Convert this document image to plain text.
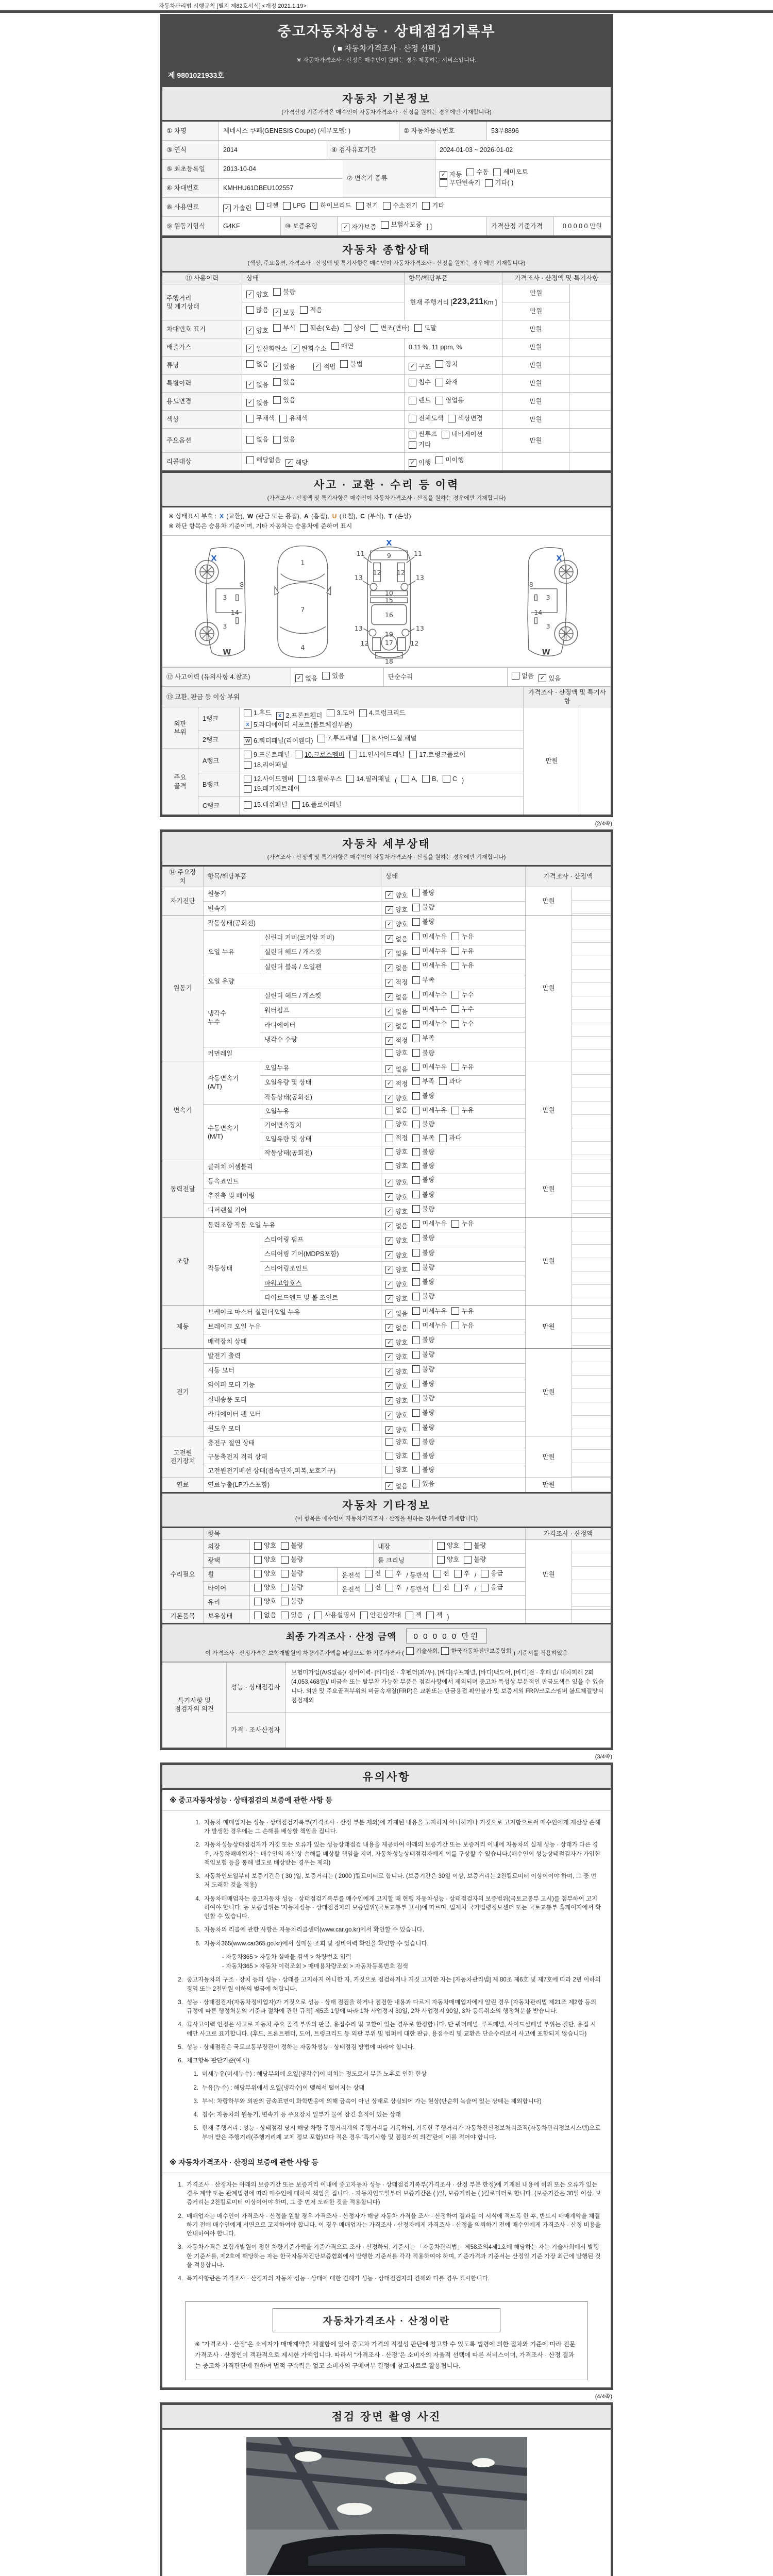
자동차관리법 시행규칙 [별지 제82호서식] <개정 2021.1.19>
중고자동차성능 · 상태점검기록부
( ■ 자동차가격조사 · 산정 선택 )
※ 자동차가격조사 · 산정은 매수인이 원하는 경우 제공하는 서비스입니다.
제 9801021933호
자동차 기본정보
(가격산정 기준가격은 매수인이 자동차가격조사 · 산정을 원하는 경우에만 기재합니다)
① 차명	제네시스 쿠페(GENESIS Coupe) (세부모델: )	② 자동차등록번호	53무8896
③ 연식	2014	④ 검사유효기간	2024-01-03 ~ 2026-01-02
⑤ 최초등록일	2013-10-04
⑥ 차대번호	KMHHU61DBEU102557
⑦ 변속기 종류
✓ 자동 수동 세미오토

무단변속기 기타( )
⑧ 사용연료	✓ 가솔린 디젤 LPG 하이브리드 전기 수소전기 기타
⑨ 원동기형식	G4KF	⑩ 보증유형	✓ 자가보증 보험사보증 [ ]	가격산정 기준가격	0 0 0 0 0 만원
자동차 종합상태
(색상, 주요옵션, 가격조사 · 산정액 및 특기사항은 매수인이 자동차가격조사 · 산정을 원하는 경우에만 기재합니다)
⑪ 사용이력	상태	항목/해당부품	가격조사 · 산정액 및 특기사항
주행거리
및 계기상태
✓ 양호 불량
많음 ✓ 보통 적음
현재 주행거리 [ 223,211 Km ]
만원
만원
차대번호 표기	✓ 양호 부식 훼손(오손) 상이 변조(변타) 도말	만원
배출가스	✓ 일산화탄소 ✓ 탄화수소 매연	0.11 %, 11 ppm, %	만원
튜닝	없음 ✓ 있음	✓ 적법 불법	✓ 구조 장치	만원
특별이력	✓ 없음 있음	침수 화재	만원
용도변경	✓ 없음 있음	렌트 영업용	만원
색상	무채색 유채색	전체도색 색상변경	만원
주요옵션	없음 있음
썬루프 네비게이션
기타
만원
리콜대상	해당없음 ✓ 해당	✓ 이행 미이행
사고 · 교환 · 수리 등 이력
(가격조사 · 산정액 및 특기사항은 매수인이 자동차가격조사 · 산정을 원하는 경우에만 기재합니다)
※ 상태표시 부호 : X (교환), W (판금 또는 용접), A (흠집), U (요철), C (부식), T (손상)
※ 하단 항목은 승용차 기준이며, 기타 자동차는 승용차에 준하여 표시
X
8
3
14
3
W
1
7
4
X
11	11
9
13	13
12 12
10
15
16
13	13
19
12	12
17
18
X
8
3
14
3
W
⑫ 사고이력 (유의사항 4.참조)	✓ 없음 있음	단순수리	없음 ✓ 있음
⑬ 교환, 판금 등 이상 부위
가격조사 · 산정액 및 특기사항
외판
부위
1랭크
1.후드	x 2.프론트휀더 3.도어 4.트렁크리드

x 5.라디에이터 서포트(볼트체결부품)
2랭크	w 6.쿼터패널(리어휀더) 7.루프패널 8.사이드실 패널
주요
골격
A랭크
9.프론트패널 10.크로스멤버 11.인사이드패널 17.트렁크플로어

18.리어패널
B랭크
12.사이드멤버 13.휠하우스 14.필러패널 ( A, B, C )

19.패키지트레이
C랭크	15.대쉬패널 16.플로어패널
만원
(2/4쪽)
자동차 세부상태
(가격조사 · 산정액 및 특기사항은 매수인이 자동차가격조사 · 산정을 원하는 경우에만 기재합니다)
⑭ 주요장치
항목/해당부품	상태	가격조사 · 산정액
자기진단
원동기	✓ 양호 불량
변속기	✓ 양호 불량
만원
원동기
작동상태(공회전)	✓ 양호 불량
오일 누유
실린더 커버(로커암 커버)	✓ 없음 미세누유 누유
실린더 헤드 / 개스킷	✓ 없음 미세누유 누유
실린더 블록 / 오일팬	✓ 없음 미세누유 누유
오일 유량	✓ 적정 부족
냉각수
누수
실린더 헤드 / 개스킷	✓ 없음 미세누수 누수
워터펌프	✓ 없음 미세누수 누수
라디에이터	✓ 없음 미세누수 누수
냉각수 수량	✓ 적정 부족
커먼레일	양호 불량
만원
변속기
자동변속기
(A/T)
오일누유	✓ 없음 미세누유 누유
오일유량 및 상태	✓ 적정 부족 과다
작동상태(공회전)	✓ 양호 불량
수동변속기
(M/T)
오일누유	없음 미세누유 누유
기어변속장치	양호 불량
오일유량 및 상태	적정 부족 과다
작동상태(공회전)	양호 불량
만원
동력전달
클러치 어셈블리	양호 불량
등속죠인트	✓ 양호 불량
추진축 및 베어링	✓ 양호 불량
디퍼렌셜 기어	✓ 양호 불량
만원
조향
동력조향 작동 오일 누유	✓ 없음 미세누유 누유
작동상태
스티어링 펌프	✓ 양호 불량
스티어링 기어(MDPS포함)	✓ 양호 불량
스티어링조인트	✓ 양호 불량
파워고압호스	✓ 양호 불량
타이로드엔드 및 볼 조인트	✓ 양호 불량
만원
제동
브레이크 마스터 실린더오일 누유	✓ 없음 미세누유 누유
브레이크 오일 누유	✓ 없음 미세누유 누유
배력장치 상태	✓ 양호 불량
만원
전기
발전기 출력	✓ 양호 불량
시동 모터	✓ 양호 불량
와이퍼 모터 기능	✓ 양호 불량
실내송풍 모터	✓ 양호 불량
라디에이터 팬 모터	✓ 양호 불량
윈도우 모터	✓ 양호 불량
만원
고전원
전기장치
충전구 절연 상태	양호 불량
구동축전지 격리 상태	양호 불량
고전원전기배선 상태(접속단자,피복,보호기구)	양호 불량
만원
연료	연료누출(LP가스포함)	✓ 없음 있음	만원
자동차 기타정보
(이 항목은 매수인이 자동차가격조사 · 산정을 원하는 경우에만 기재합니다)
항목	가격조사 · 산정액
수리필요
외장	양호 불량	내장	양호 불량
광택	양호 불량	룸 크리닝	양호 불량
휠	양호 불량	운전석 전 후 / 동반석 전 후 / 응급
타이어	양호 불량	운전석 전 후 / 동반석 전 후 / 응급
유리	양호 불량
만원
기본품목	보유상태	없음 있음 ( 사용설명서 안전삼각대 잭 잭 )
최종 가격조사 · 산정 금액	0 0 0 0 0 만원
이 가격조사 · 산정가격은 보험개발원의 차량기준가액을 바탕으로 한 기준가격과 ( 기술사회, 한국자동차진단보증협회 ) 기준서를 적용하였음
특기사항 및
점검자의 의견
성능 · 상태점검자
보험미가입(A/S없음)/ 정비이력- [바디]전 · 후펜더(좌/우), [바디]루프패널, [바디]백도어, [바디]전 · 후패널/ 내차피해 2회 (4,053,468원)/ 비금속 또는 탈부착 가능한 부품은 점검사항에서 제외되며 중고차 특성상 부분적인 판금도색은 있을 수 있습니다. 외판 및 주요골격부위의 비금속재질(FRP)은 교환또는 판금용접 확인불가 및 보증제외 FRP/크로스멤버 볼트체결방식 점검제외
가격 · 조사산정자
(3/4쪽)
유의사항
※ 중고자동차성능 · 상태점검의 보증에 관한 사항 등
1. 자동차 매매업자는 성능 · 상태점검기록부(가격조사 · 산정 부분 제외)에 기재된 내용을 고지하지 아니하거나 거짓으로 고지함으로써 매수인에게 재산상 손해가 발생한 경우에는 그 손해를 배상할 책임을 집니다.
2. 자동차성능상태점검자가 거짓 또는 오류가 있는 성능상태점검 내용을 제공하여 아래의 보증기간 또는 보증거리 이내에 자동차의 실제 성능 · 상태가 다른 경우, 자동차매매업자는 매수인의 재산상 손해를 배상할 책임을 지며, 자동차성능상태점검자에게 이를 구상할 수 있습니다.(매수인이 성능상태점검자가 가입한 책임보험 등을 통해 별도로 배상받는 경우는 제외)
3. 자동차인도일부터 보증기간은 ( 30 )일, 보증거리는 ( 2000 )킬로미터로 합니다. (보증기간은 30일 이상, 보증거리는 2천킬로미터 이상이어야 하며, 그 중 먼저 도래한 것을 적용)
4. 자동차매매업자는 중고자동차 성능 · 상태점검기록부를 매수인에게 고지할 때 현행 자동차성능 · 상태점검자의 보증범위(국토교통부 고시)를 첨부하여 고지하여야 합니다. 동 보증범위는 '자동차성능 · 상태점검자의 보증범위'(국토교통부 고시)에 따르며, 법제처 국가법령정보센터 또는 국토교통부 홈페이지에서 확인할 수 있습니다.
5. 자동차의 리콜에 관한 사항은 자동차리콜센터(www.car.go.kr)에서 확인할 수 있습니다.
6. 자동차365(www.car365.go.kr)에서 실매물 조회 및 정비이력 확인을 확인할 수 있습니다.
- 자동차365 > 자동차 실매물 검색 > 차량번호 입력
- 자동차365 > 자동차 이력조회 > 매매용차량조회 > 자동차등록번호 검색
2. 중고자동차의 구조 · 장치 등의 성능 · 상태를 고지하지 아니한 자, 거짓으로 점검하거나 거짓 고지한 자는 [자동차관리법] 제 80조 제6호 및 제7호에 따라 2년 이하의 징역 또는 2천만원 이하의 벌금에 처합니다.
3. 성능 · 상태점검자(자동차정비업자)가 거짓으로 성능 · 상태 점검을 하거나 점검한 내용과 다르게 자동차매매업자에게 알린 경우 [자동차관리법 제21조 제2항 등의 규정에 따른 행정처분의 기준과 절차에 관한 규칙] 제5조 1항에 따라 1차 사업정지 30일, 2차 사업정지 90일, 3차 등록취소의 행정처분을 받습니다.
4. ⑫사고이력 인정은 사고로 자동차 주요 골격 부위의 판금, 용접수리 및 교환이 있는 경우로 한정합니다. 단 쿼터패널, 루프패널, 사이드실패널 부위는 절단, 용접 시에만 사고로 표기합니다. (후드, 프론트펜더, 도어, 트렁크리드 등 외판 부위 및 범퍼에 대한 판금, 용접수리 및 교환은 단순수리로서 사고에 포함되지 않습니다)
5. 성능 · 상태점검은 국토교통부장관이 정하는 자동차성능 · 상태점검 방법에 따라야 합니다.
6. 체크항목 판단기준(예시)
1. 미세누유(미세누수) : 해당부위에 오일(냉각수)이 비치는 정도로서 부품 노후로 인한 현상
2. 누유(누수) : 해당부위에서 오일(냉각수)이 맺혀서 떨어지는 상태
3. 부식: 차량하부와 외판의 금속표면이 화학반응에 의해 금속이 아닌 상태로 상실되어 가는 현상(단순히 녹슬어 있는 상태는 제외합니다)
4. 침수: 자동차의 원동기, 변속기 등 주요장치 일부가 물에 잠긴 흔적이 있는 상태
5. 현재 주행거리 : 성능 · 상태점검 당시 해당 차량 주행거리계의 주행거리를 기록하되, 기록한 주행거리가 자동차전산정보처리조직(자동차관리정보시스템)으로부터 받은 주행거리(주행거리계 교체 정보 포함)보다 적은 경우 '특기사항 및 점검자의 의견'란에 이를 적어야 합니다.
※ 자동차가격조사 · 산정의 보증에 관한 사항 등
1. 가격조사 · 산정자는 아래의 보증기간 또는 보증거리 이내에 중고자동차 성능 · 상태점검기록부(가격조사 · 산정 부분 한정)에 기재된 내용에 허위 또는 오류가 있는 경우 계약 또는 관계법령에 따라 매수인에 대하여 책임을 집니다. · 자동차인도일부터 보증기간은 ( )일, 보증거리는 ( )킬로미터로 합니다. (보증기간은 30일 이상, 보증거리는 2천킬로미터 이상이어야 하며, 그 중 먼저 도래한 것을 적용합니다)
2. 매매업자는 매수인이 가격조사 · 산정을 원할 경우 가격조사 · 산정자가 해당 자동차 가격을 조사 · 산정하여 결과를 이 서식에 적도록 한 후, 반드시 매매계약을 체결하기 전에 매수인에게 서면으로 고지하여야 합니다. 이 경우 매매업자는 가격조사 · 산정자에게 가격조사 · 산정을 의뢰하기 전에 매수인에게 가격조사 · 산정 비용을 안내하여야 합니다.
3. 자동차가격은 보험개발원이 정한 차량기준가액을 기준가격으로 조사 · 산정하되, 기준서는 「자동차관리법」 제58조의4제1호에 해당하는 자는 기술사회에서 발행한 기준서를, 제2호에 해당하는 자는 한국자동차진단보증협회에서 발행한 기준서를 각각 적용하여야 하며, 기준가격과 기준서는 산정일 기준 가장 최근에 발행된 것을 적용합니다.
4. 특기사항란은 가격조사 · 산정자의 자동차 성능 · 상태에 대한 견해가 성능 · 상태점검자의 견해와 다를 경우 표시합니다.
자동차가격조사 · 산정이란
※ "가격조사 · 산정"은 소비자가 매매계약을 체결함에 있어 중고차 가격의 적절성 판단에 참고할 수 있도록 법령에 의한 절차와 기준에 따라 전문 가격조사 · 산정인이 객관적으로 제시한 가액입니다. 따라서 "가격조사 · 산정"은 소비자의 자율적 선택에 따른 서비스이며, 가격조사 · 산정 결과는 중고차 가격판단에 관하여 법적 구속력은 없고 소비자의 구매여부 결정에 참고자료로 활용됩니다.
(4/4쪽)
점검 장면 촬영 사진
